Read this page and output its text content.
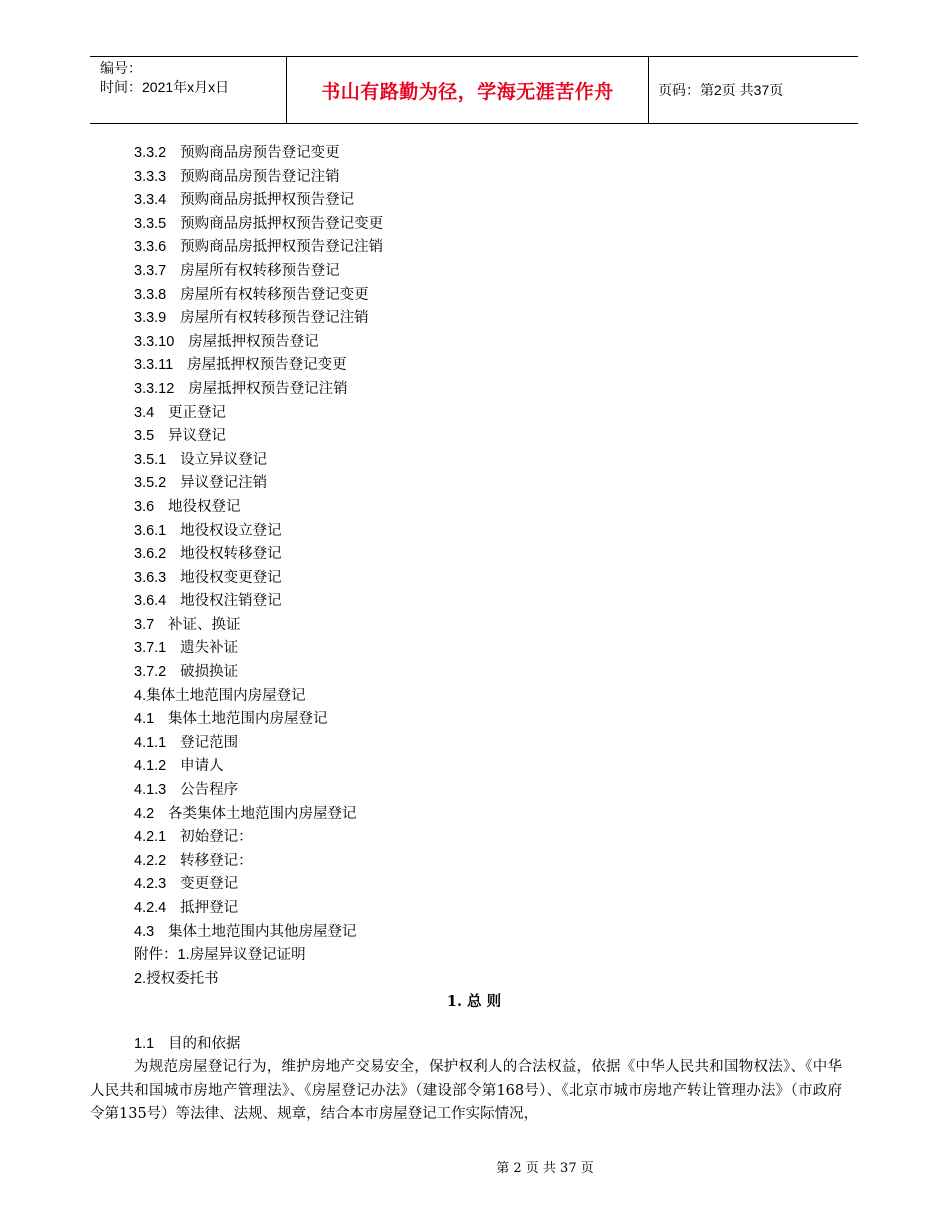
编号：
时间：2021年x月x日	书山有路勤为径，学海无涯苦作舟	页码：第2页 共37页
3.3.2 预购商品房预告登记变更
3.3.3 预购商品房预告登记注销
3.3.4 预购商品房抵押权预告登记
3.3.5 预购商品房抵押权预告登记变更
3.3.6 预购商品房抵押权预告登记注销
3.3.7 房屋所有权转移预告登记
3.3.8 房屋所有权转移预告登记变更
3.3.9 房屋所有权转移预告登记注销
3.3.10 房屋抵押权预告登记
3.3.11 房屋抵押权预告登记变更
3.3.12 房屋抵押权预告登记注销
3.4 更正登记
3.5 异议登记
3.5.1 设立异议登记
3.5.2 异议登记注销
3.6 地役权登记
3.6.1 地役权设立登记
3.6.2 地役权转移登记
3.6.3 地役权变更登记
3.6.4 地役权注销登记
3.7 补证、换证
3.7.1 遗失补证
3.7.2 破损换证
4.集体土地范围内房屋登记
4.1 集体土地范围内房屋登记
4.1.1 登记范围
4.1.2 申请人
4.1.3 公告程序
4.2 各类集体土地范围内房屋登记
4.2.1 初始登记：
4.2.2 转移登记：
4.2.3 变更登记
4.2.4 抵押登记
4.3 集体土地范围内其他房屋登记
附件：1.房屋异议登记证明
2.授权委托书
1. 总 则
1.1 目的和依据
为规范房屋登记行为，维护房地产交易安全，保护权利人的合法权益，依据《中华人民共和国物权法》、《中华人民共和国城市房地产管理法》、《房屋登记办法》（建设部令第168号）、《北京市城市房地产转让管理办法》（市政府令第135号）等法律、法规、规章，结合本市房屋登记工作实际情况，
第 2 页 共 37 页
